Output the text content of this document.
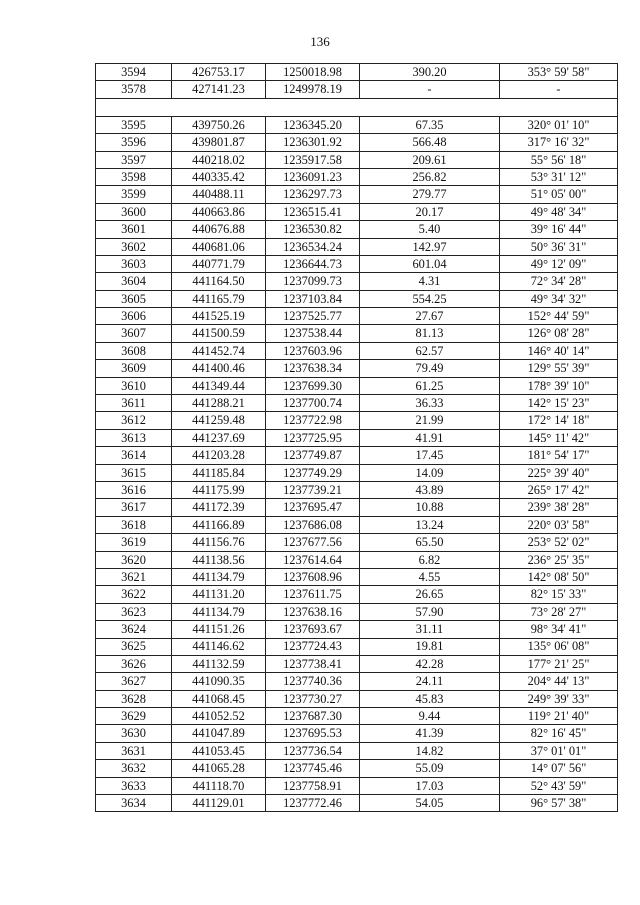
136
3594	426753.17	1250018.98	390.20	353° 59' 58"
3578	427141.23	1249978.19	-	-

3595	439750.26	1236345.20	67.35	320° 01' 10"
3596	439801.87	1236301.92	566.48	317° 16' 32"
3597	440218.02	1235917.58	209.61	55° 56' 18"
3598	440335.42	1236091.23	256.82	53° 31' 12"
3599	440488.11	1236297.73	279.77	51° 05' 00"
3600	440663.86	1236515.41	20.17	49° 48' 34"
3601	440676.88	1236530.82	5.40	39° 16' 44"
3602	440681.06	1236534.24	142.97	50° 36' 31"
3603	440771.79	1236644.73	601.04	49° 12' 09"
3604	441164.50	1237099.73	4.31	72° 34' 28"
3605	441165.79	1237103.84	554.25	49° 34' 32"
3606	441525.19	1237525.77	27.67	152° 44' 59"
3607	441500.59	1237538.44	81.13	126° 08' 28"
3608	441452.74	1237603.96	62.57	146° 40' 14"
3609	441400.46	1237638.34	79.49	129° 55' 39"
3610	441349.44	1237699.30	61.25	178° 39' 10"
3611	441288.21	1237700.74	36.33	142° 15' 23"
3612	441259.48	1237722.98	21.99	172° 14' 18"
3613	441237.69	1237725.95	41.91	145° 11' 42"
3614	441203.28	1237749.87	17.45	181° 54' 17"
3615	441185.84	1237749.29	14.09	225° 39' 40"
3616	441175.99	1237739.21	43.89	265° 17' 42"
3617	441172.39	1237695.47	10.88	239° 38' 28"
3618	441166.89	1237686.08	13.24	220° 03' 58"
3619	441156.76	1237677.56	65.50	253° 52' 02"
3620	441138.56	1237614.64	6.82	236° 25' 35"
3621	441134.79	1237608.96	4.55	142° 08' 50"
3622	441131.20	1237611.75	26.65	82° 15' 33"
3623	441134.79	1237638.16	57.90	73° 28' 27"
3624	441151.26	1237693.67	31.11	98° 34' 41"
3625	441146.62	1237724.43	19.81	135° 06' 08"
3626	441132.59	1237738.41	42.28	177° 21' 25"
3627	441090.35	1237740.36	24.11	204° 44' 13"
3628	441068.45	1237730.27	45.83	249° 39' 33"
3629	441052.52	1237687.30	9.44	119° 21' 40"
3630	441047.89	1237695.53	41.39	82° 16' 45"
3631	441053.45	1237736.54	14.82	37° 01' 01"
3632	441065.28	1237745.46	55.09	14° 07' 56"
3633	441118.70	1237758.91	17.03	52° 43' 59"
3634	441129.01	1237772.46	54.05	96° 57' 38"
